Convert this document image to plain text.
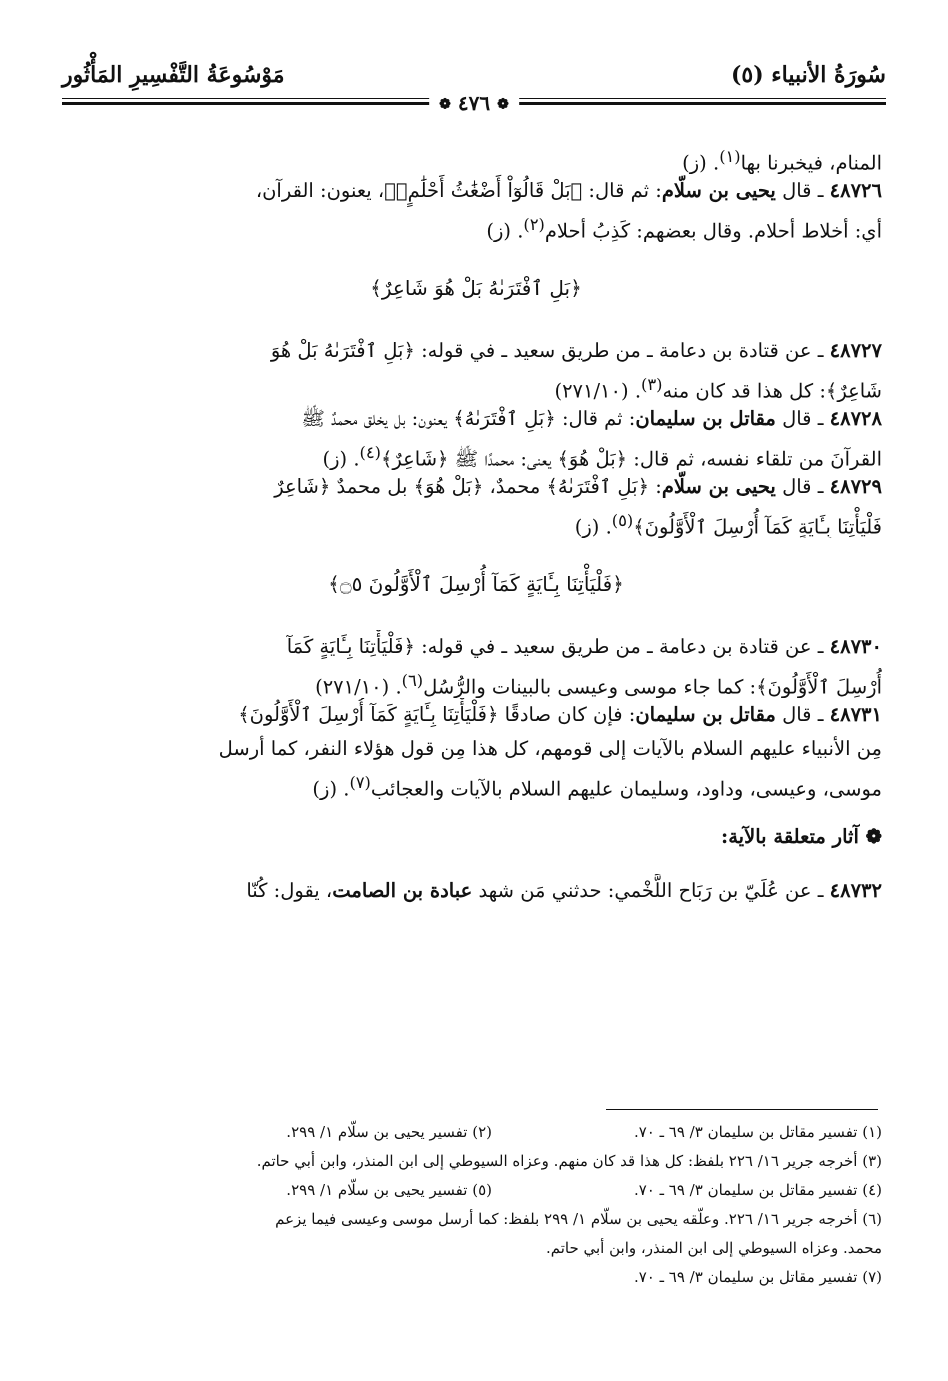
سُورَةُ الأنبياء (٥)
مَوْسُوعَةُ التَّفْسِيرِ المَأْثُور
❁ ٤٧٦ ❁
المنام، فيخبرنا بها$^{(١)}$. (ز)
٤٨٧٢٦ ـ قال يحيى بن سلّام: ثم قال: ﴿بَلْ قَالُوٓاْ أَضْغَٰثُ أَحْلَٰمٍۭ﴾، يعنون: القرآن،
أي: أخلاط أحلام. وقال بعضهم: كَذِبُ أحلام$^{(٢)}$. (ز)
﴿بَلِ ٱفْتَرَىٰهُ بَلْ هُوَ شَاعِرٌ﴾
٤٨٧٢٧ ـ عن قتادة بن دعامة ـ من طريق سعيد ـ في قوله: ﴿بَلِ ٱفْتَرَىٰهُ بَلْ هُوَ
شَاعِرٌ﴾: كل هذا قد كان منه$^{(٣)}$. (٢٧١/١٠)
٤٨٧٢٨ ـ قال مقاتل بن سليمان: ثم قال: ﴿بَلِ ٱفْتَرَىٰهُ﴾ يعنون: بل يخلق محمدٌ ﷺ
القرآنَ من تلقاء نفسه، ثم قال: ﴿بَلْ هُوَ﴾ يعني: محمدًا ﷺ ﴿شَاعِرٌ﴾$^{(٤)}$. (ز)
٤٨٧٢٩ ـ قال يحيى بن سلّام: ﴿بَلِ ٱفْتَرَىٰهُ﴾ محمدٌ، ﴿بَلْ هُوَ﴾ بل محمدٌ ﴿شَاعِرٌ
فَلْيَأْتِنَا بِـَٔايَةٍ كَمَآ أُرْسِلَ ٱلْأَوَّلُونَ﴾$^{(٥)}$. (ز)
﴿فَلْيَأْتِنَا بِـَٔايَةٍ كَمَآ أُرْسِلَ ٱلْأَوَّلُونَ ۝٥﴾
٤٨٧٣٠ ـ عن قتادة بن دعامة ـ من طريق سعيد ـ في قوله: ﴿فَلْيَأْتِنَا بِـَٔايَةٍ كَمَآ
أُرْسِلَ ٱلْأَوَّلُونَ﴾: كما جاء موسى وعيسى بالبينات والرُّسُل$^{(٦)}$. (٢٧١/١٠)
٤٨٧٣١ ـ قال مقاتل بن سليمان: فإن كان صادقًا ﴿فَلْيَأْتِنَا بِـَٔايَةٍ كَمَآ أُرْسِلَ ٱلْأَوَّلُونَ﴾
مِن الأنبياء عليهم السلام بالآيات إلى قومهم، كل هذا مِن قول هؤلاء النفر، كما أرسل
موسى، وعيسى، وداود، وسليمان عليهم السلام بالآيات والعجائب$^{(٧)}$. (ز)
❁ آثار متعلقة بالآية:
٤٨٧٣٢ ـ عن عُلَيّ بن رَبَاح اللَّخْمي: حدثني مَن شهد عبادة بن الصامت، يقول: كُنّا
(١) تفسير مقاتل بن سليمان ٣/ ٦٩ ـ ٧٠.
(٢) تفسير يحيى بن سلّام ١/ ٢٩٩.
(٣) أخرجه جرير ١٦/ ٢٢٦ بلفظ: كل هذا قد كان منهم. وعزاه السيوطي إلى ابن المنذر، وابن أبي حاتم.
(٤) تفسير مقاتل بن سليمان ٣/ ٦٩ ـ ٧٠.
(٥) تفسير يحيى بن سلّام ١/ ٢٩٩.
(٦) أخرجه جرير ١٦/ ٢٢٦. وعلّقه يحيى بن سلّام ١/ ٢٩٩ بلفظ: كما أرسل موسى وعيسى فيما يزعم
محمد. وعزاه السيوطي إلى ابن المنذر، وابن أبي حاتم.
(٧) تفسير مقاتل بن سليمان ٣/ ٦٩ ـ ٧٠.
